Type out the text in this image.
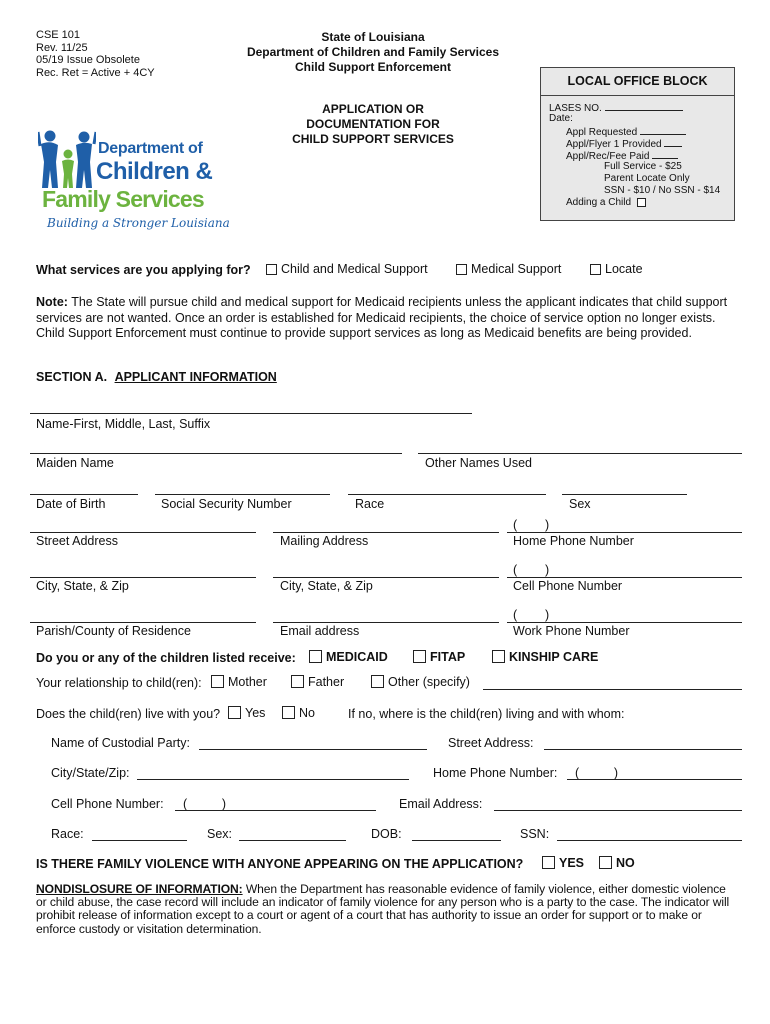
CSE 101
Rev. 11/25
05/19 Issue Obsolete
Rec. Ret = Active + 4CY
State of Louisiana
Department of Children and Family Services
Child Support Enforcement
APPLICATION OR
DOCUMENTATION FOR
CHILD SUPPORT SERVICES
Department of
Children &
Family Services
Building a Stronger Louisiana
LOCAL OFFICE BLOCK
LASES NO.
Date:
Appl Requested
Appl/Flyer 1 Provided
Appl/Rec/Fee Paid
Full Service - $25
Parent Locate Only
SSN - $10 / No SSN - $14
Adding a Child
What services are you applying for?	Child and Medical Support	Medical Support	Locate
Note: The State will pursue child and medical support for Medicaid recipients unless the applicant indicates that child support services are not wanted. Once an order is established for Medicaid recipients, the choice of service option no longer exists. Child Support Enforcement must continue to provide support services as long as Medicaid benefits are being provided.
SECTION A. APPLICANT INFORMATION
Name-First, Middle, Last, Suffix
Maiden Name	Other Names Used
Date of Birth	Social Security Number	Race	Sex
(        )
Street Address	Mailing Address	Home Phone Number
(        )
City, State, & Zip	City, State, & Zip	Cell Phone Number
(        )
Parish/County of Residence	Email address	Work Phone Number
Do you or any of the children listed receive:	MEDICAID	FITAP	KINSHIP CARE
Your relationship to child(ren):	Mother	Father	Other (specify)
Does the child(ren) live with you?	Yes	No	If no, where is the child(ren) living and with whom:
Name of Custodial Party:	Street Address:
City/State/Zip:	Home Phone Number: (          )
Cell Phone Number: (          )	Email Address:
Race:	Sex:	DOB:	SSN:
IS THERE FAMILY VIOLENCE WITH ANYONE APPEARING ON THE APPLICATION?	YES	NO
NONDISLOSURE OF INFORMATION: When the Department has reasonable evidence of family violence, either domestic violence or child abuse, the case record will include an indicator of family violence for any person who is a party to the case. The indicator will prohibit release of information except to a court or agent of a court that has authority to issue an order for support or to make or enforce custody or visitation determination.
